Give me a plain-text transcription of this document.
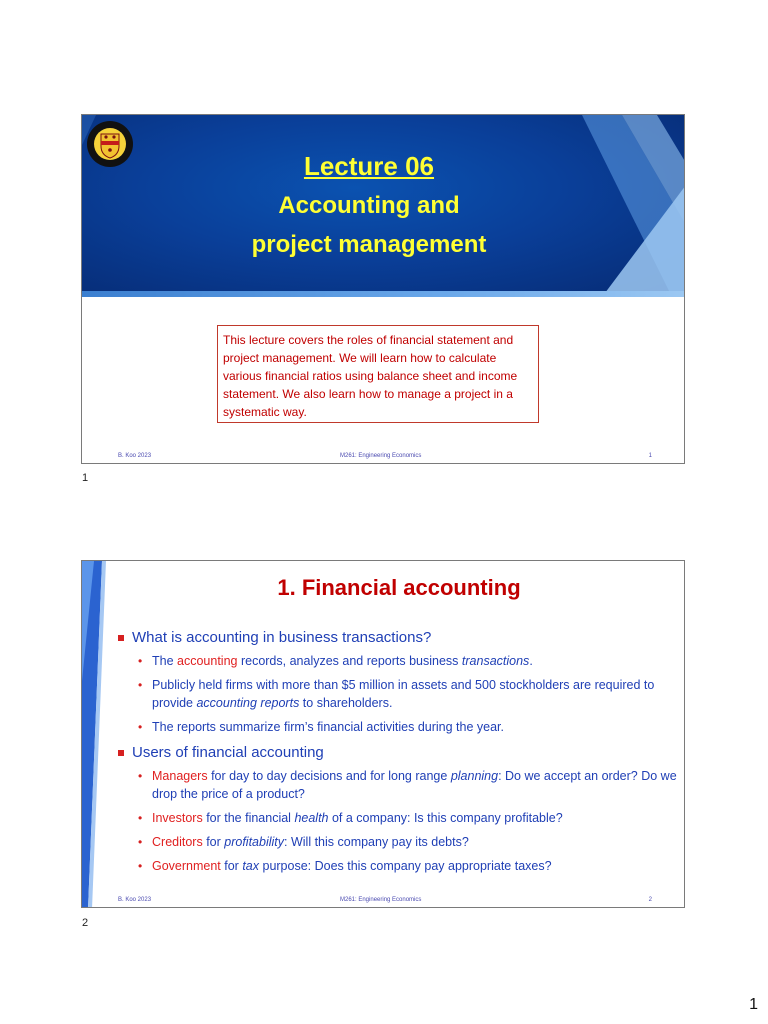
Lecture 06
Accounting and
project management
This lecture covers the roles of financial statement and project management. We will learn how to calculate various financial ratios using balance sheet and income statement. We also learn how to manage a project in a systematic way.
B. Koo 2023	M261: Engineering Economics	1
1
1. Financial accounting
What is accounting in business transactions?
• The accounting records, analyzes and reports business transactions.
• Publicly held firms with more than $5 million in assets and 500 stockholders are required to provide accounting reports to shareholders.
• The reports summarize firm’s financial activities during the year.
Users of financial accounting
• Managers for day to day decisions and for long range planning: Do we accept an order? Do we drop the price of a product?
• Investors for the financial health of a company: Is this company profitable?
• Creditors for profitability: Will this company pay its debts?
• Government for tax purpose: Does this company pay appropriate taxes?
B. Koo 2023	M261: Engineering Economics	2
2
1
